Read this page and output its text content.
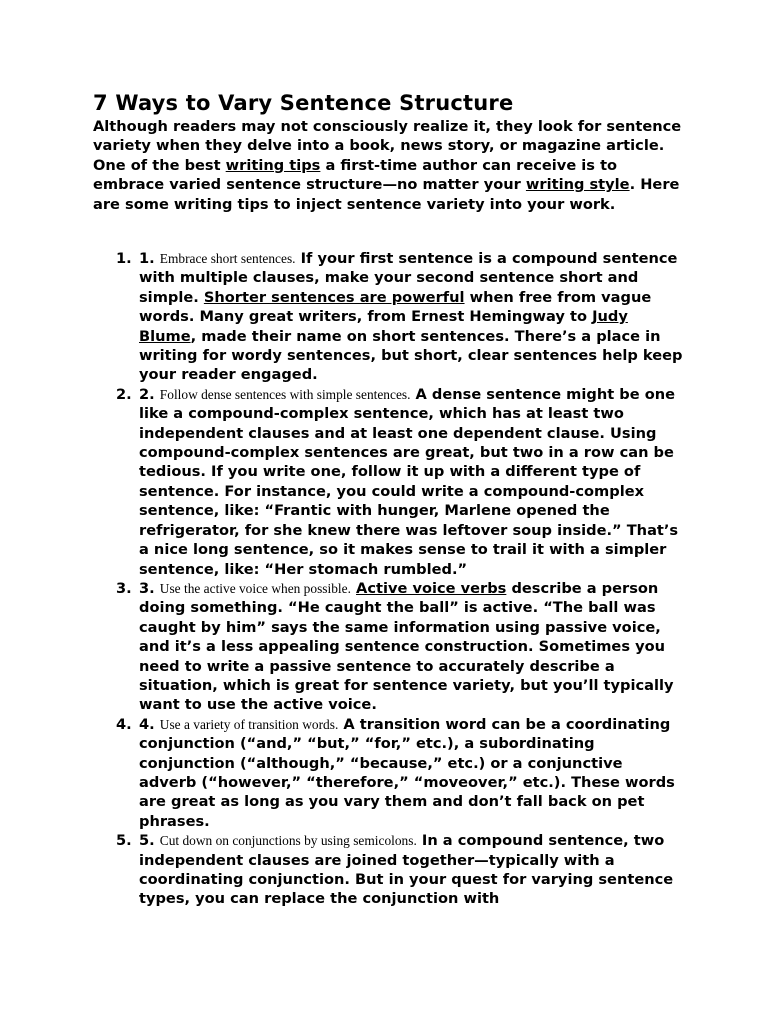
7 Ways to Vary Sentence Structure
Although readers may not consciously realize it, they look for sentence variety when they delve into a book, news story, or magazine article. One of the best writing tips a first-time author can receive is to embrace varied sentence structure—no matter your writing style. Here are some writing tips to inject sentence variety into your work.
1. 1. Embrace short sentences. If your first sentence is a compound sentence with multiple clauses, make your second sentence short and simple. Shorter sentences are powerful when free from vague words. Many great writers, from Ernest Hemingway to Judy Blume, made their name on short sentences. There’s a place in writing for wordy sentences, but short, clear sentences help keep your reader engaged.
2. 2. Follow dense sentences with simple sentences. A dense sentence might be one like a compound-complex sentence, which has at least two independent clauses and at least one dependent clause. Using compound-complex sentences are great, but two in a row can be tedious. If you write one, follow it up with a different type of sentence. For instance, you could write a compound-complex sentence, like: “Frantic with hunger, Marlene opened the refrigerator, for she knew there was leftover soup inside.” That’s a nice long sentence, so it makes sense to trail it with a simpler sentence, like: “Her stomach rumbled.”
3. 3. Use the active voice when possible. Active voice verbs describe a person doing something. “He caught the ball” is active. “The ball was caught by him” says the same information using passive voice, and it’s a less appealing sentence construction. Sometimes you need to write a passive sentence to accurately describe a situation, which is great for sentence variety, but you’ll typically want to use the active voice.
4. 4. Use a variety of transition words. A transition word can be a coordinating conjunction (“and,” “but,” “for,” etc.), a subordinating conjunction (“although,” “because,” etc.) or a conjunctive adverb (“however,” “therefore,” “moveover,” etc.). These words are great as long as you vary them and don’t fall back on pet phrases.
5. 5. Cut down on conjunctions by using semicolons. In a compound sentence, two independent clauses are joined together—typically with a coordinating conjunction. But in your quest for varying sentence types, you can replace the conjunction with
